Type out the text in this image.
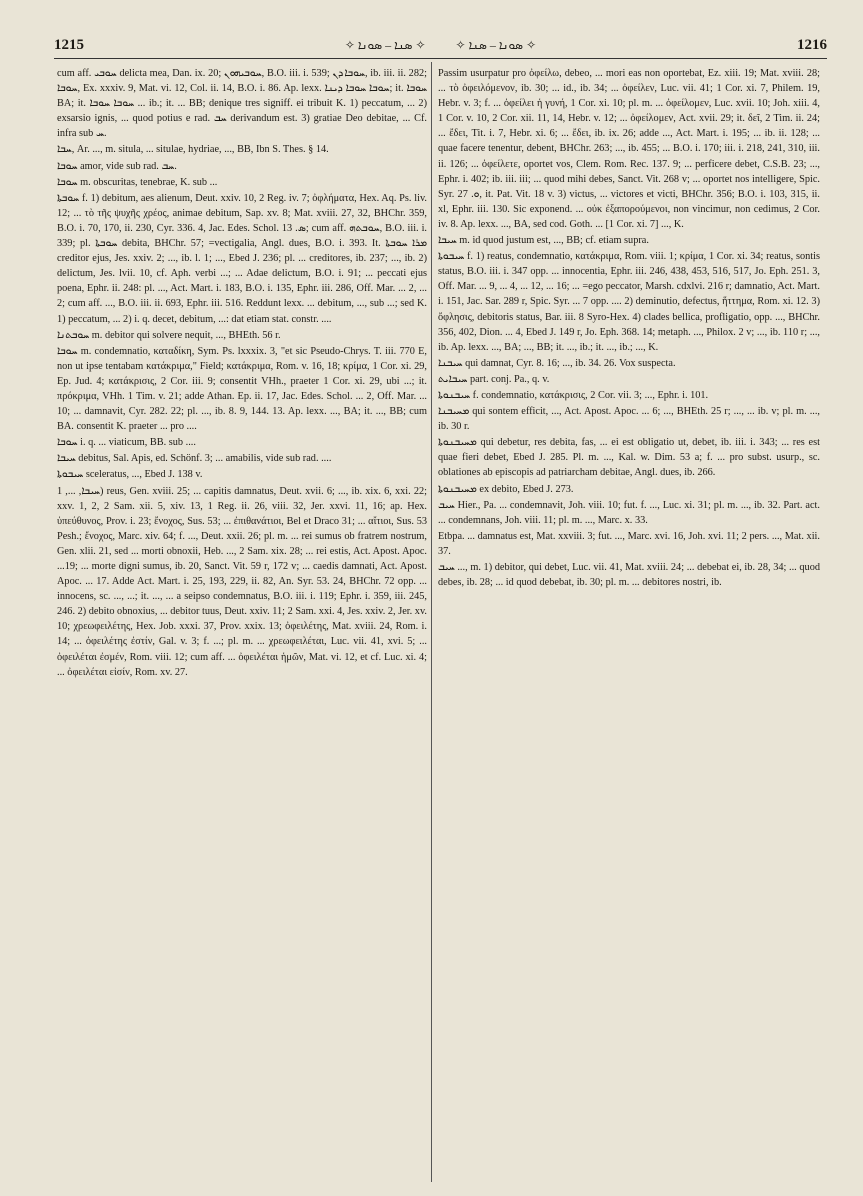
1215	✧ ܣܢܐ – ܣܘܢܐ ✧	✧ ܣܘܢܐ – ܣܢܐ ✧	1216

cum aff. ܚܘܒܝ delicta mea, Dan. ix. 20; ܚܘܒܝܗܘܢ, B.O. iii. i. 539; ܚܘܒܐ ܕܢ, ib. iii. ii. 282; ܚܘܒܐ, Ex. xxxiv. 9, Mat. vi. 12, Col. ii. 14, B.O. i. 86. Ap. lexx. ܚܘܒܐ ܚܘܒܐ ܕܝܢܐ; it. ܚܘܒܐ BA; it. ܚܘܒܐ ܚܘܒܐ ... ib.; it. ... BB; denique tres signiff. ei tribuit K. 1) peccatum, ... 2) exsarsio ignis, ... quod potius e rad. ܚܒ derivandum est. 3) gratiae Deo debitae, ... Cf. infra sub ܚ.

ܚܒܐ, Ar. ..., m. situla, ... situlae, hydriae, ..., BB, Ibn S. Thes. § 14.

ܚܘܒܐ amor, vide sub rad. ܚܒ.

ܚܘܒܐ m. obscuritas, tenebrae, K. sub ...

ܚܘܒܬܐ f. 1) debitum, aes alienum, Deut. xxiv. 10, 2 Reg. iv. 7; ὀφλήματα, Hex. Aq. Ps. liv. 12; ... τὸ τῆς ψυχῆς χρέος, animae debitum, Sap. xv. 8; Mat. xviii. 27, 32, BHChr. 359, B.O. i. 70, 170, ii. 230, Cyr. 336. 4, Jac. Edes. Schol. ܣ. 13; cum aff. ܚܘܒܬܗ, B.O. iii. i. 339; pl. ܚܘܒܬܐ debita, BHChr. 57; =vectigalia, Angl. dues, B.O. i. 393. It. ܡܪܐ ܚܘܒܬܐ creditor ejus, Jes. xxiv. 2; ..., ib. l. 1; ..., Ebed J. 236; pl. ... creditores, ib. 237; ..., ib. 2) delictum, Jes. lvii. 10, cf. Aph. verbi ...; ... Adae delictum, B.O. i. 91; ... peccati ejus poena, Ephr. ii. 248: pl. ..., Act. Mart. i. 183, B.O. i. 135, Ephr. iii. 286, Off. Mar. ... 2, ... 2; cum aff. ..., B.O. iii. ii. 693, Ephr. iii. 516. Reddunt lexx. ... debitum, ..., sub ...; sed K. 1) peccatum, ... 2) i. q. decet, debitum, ...: dat etiam stat. constr. ....

ܚܘܒܬܢܐ m. debitor qui solvere nequit, ..., BHEth. 56 r.

ܚܘܒܐ m. condemnatio, καταδίκη, Sym. Ps. lxxxix. 3, "et sic Pseudo-Chrys. T. iii. 770 E, non ut ipse tentabam κατάκριμα," Field; κατάκριμα, Rom. v. 16, 18; κρίμα, 1 Cor. xi. 29, Ep. Jud. 4; κατάκρισις, 2 Cor. iii. 9; consentit VHh., praeter 1 Cor. xi. 29, ubi ...; it. πρόκριμα, VHh. 1 Tim. v. 21; adde Athan. Ep. ii. 17, Jac. Edes. Schol. ... 2, Off. Mar. ... 10; ... damnavit, Cyr. 282. 22; pl. ..., ib. 8. 9, 144. 13. Ap. lexx. ..., BA; it. ..., BB; cum BA. consentit K. praeter ... pro ....

ܚܘܒܐ i. q. ... viaticum, BB. sub ....

ܚܝܒܐ debitus, Sal. Apis, ed. Schönf. 3; ... amabilis, vide sub rad. ....

ܚܝܒܘܬܐ sceleratus, ..., Ebed J. 138 v.

ܚܝܒܐ, ..., 1) reus, Gen. xviii. 25; ... capitis damnatus, Deut. xvii. 6; ..., ib. xix. 6, xxi. 22; xxv. 1, 2, 2 Sam. xii. 5, xiv. 13, 1 Reg. ii. 26, viii. 32, Jer. xxvi. 11, 16; ap. Hex. ὑπεύθυνος, Prov. i. 23; ἔνοχος, Sus. 53; ... ἐπιθανάτιοι, Bel et Draco 31; ... αἴτιοι, Sus. 53 Pesh.; ἔνοχος, Marc. xiv. 64; f. ..., Deut. xxii. 26; pl. m. ... rei sumus ob fratrem nostrum, Gen. xlii. 21, sed ... morti obnoxii, Heb. ..., 2 Sam. xix. 28; ... rei estis, Act. Apost. Apoc. ...19; ... morte digni sumus, ib. 20, Sanct. Vit. 59 r, 172 v; ... caedis damnati, Act. Apost. Apoc. ... 17. Adde Act. Mart. i. 25, 193, 229, ii. 82, An. Syr. 53. 24, BHChr. 72 opp. ... innocens, sc. ..., ...; it. ..., ... a seipso condemnatus, B.O. iii. i. 119; Ephr. i. 359, iii. 245, 246. 2) debito obnoxius, ... debitor tuus, Deut. xxiv. 11; 2 Sam. xxi. 4, Jes. xxiv. 2, Jer. xv. 10; χρεωφειλέτης, Hex. Job. xxxi. 37, Prov. xxix. 13; ὀφειλέτης, Mat. xviii. 24, Rom. i. 14; ... ὀφειλέτης ἐστίν, Gal. v. 3; f. ...; pl. m. ... χρεωφειλέται, Luc. vii. 41, xvi. 5; ... ὀφειλέται ἐσμέν, Rom. viii. 12; cum aff. ... ὀφειλέται ἡμῶν, Mat. vi. 12, et cf. Luc. xi. 4; ... ὀφειλέται εἰσίν, Rom. xv. 27.

Passim usurpatur pro ὀφείλω, debeo, ... mori eas non oportebat, Ez. xiii. 19; Mat. xviii. 28; ... τὸ ὀφειλόμενον, ib. 30; ... id., ib. 34; ... ὀφείλεν, Luc. vii. 41; 1 Cor. xi. 7, Philem. 19, Hebr. v. 3; f. ... ὀφείλει ἡ γυνή, 1 Cor. xi. 10; pl. m. ... ὀφείλομεν, Luc. xvii. 10; Joh. xiii. 4, 1 Cor. v. 10, 2 Cor. xii. 11, 14, Hebr. v. 12; ... ὀφείλομεν, Act. xvii. 29; it. δεῖ, 2 Tim. ii. 24; ... ἔδει, Tit. i. 7, Hebr. xi. 6; ... ἔδει, ib. ix. 26; adde ..., Act. Mart. i. 195; ... ib. ii. 128; ... quae facere tenentur, debent, BHChr. 263; ..., ib. 455; ... B.O. i. 170; iii. i. 218, 241, 310, iii. ii. 126; ... ὀφείλετε, oportet vos, Clem. Rom. Rec. 137. 9; ... perficere debet, C.S.B. 23; ..., Ephr. i. 402; ib. iii. iii; ... quod mihi debes, Sanct. Vit. 268 v; ... oportet nos intelligere, Spic. Syr. ܘ. 27, it. Pat. Vit. 18 v. 3) victus, ... victores et victi, BHChr. 356; B.O. i. 103, 315, ii. xl, Ephr. iii. 130. Sic exponend. ... οὐκ ἐξαπορούμενοι, non vincimur, non cedimus, 2 Cor. iv. 8. Ap. lexx. ..., BA, sed cod. Goth. ... [1 Cor. xi. 7] ..., K.

ܚܝܒܐ m. id quod justum est, ..., BB; cf. etiam supra.

ܚܝܒܘܬܐ f. 1) reatus, condemnatio, κατάκριμα, Rom. viii. 1; κρίμα, 1 Cor. xi. 34; reatus, sontis status, B.O. iii. i. 347 opp. ... innocentia, Ephr. iii. 246, 438, 453, 516, 517, Jo. Eph. 251. 3, Off. Mar. ... 9, ... 4, ... 12, ... 16; ... =ego peccator, Marsh. cdxlvi. 216 r; damnatio, Act. Mart. i. 151, Jac. Sar. 289 r, Spic. Syr. ... 7 opp. .... 2) deminutio, defectus, ἥττημα, Rom. xi. 12. 3) ὄφλησις, debitoris status, Bar. iii. 8 Syro-Hex. 4) clades bellica, profligatio, opp. ..., BHChr. 356, 402, Dion. ... 4, Ebed J. 149 r, Jo. Eph. 368. 14; metaph. ..., Philox. 2 v; ..., ib. 110 r; ..., ib. Ap. lexx. ..., BA; ..., BB; it. ..., ib.; it. ..., ib.; ..., K.

ܚܝܒܢܐ qui damnat, Cyr. 8. 16; ..., ib. 34. 26. Vox suspecta.

ܚܝܒܐܝܬ part. conj. Pa., q. v.

ܚܝܒܢܘܬܐ f. condemnatio, κατάκρισις, 2 Cor. vii. 3; ..., Ephr. i. 101.

ܡܚܝܒܢܐ qui sontem efficit, ..., Act. Apost. Apoc. ... 6; ..., BHEth. 25 r; ..., ... ib. v; pl. m. ..., ib. 30 r.

ܡܚܝܒܢܘܬܐ qui debetur, res debita, fas, ... ei est obligatio ut, debet, ib. iii. i. 343; ... res est quae fieri debet, Ebed J. 285. Pl. m. ..., Kal. w. Dim. 53 a; f. ... pro subst. usurp., sc. oblationes ab episcopis ad patriarcham debitae, Angl. dues, ib. 266.

ܡܚܝܒܢܘܬܐ ex debito, Ebed J. 273.

ܚܝܒ Hier., Pa. ... condemnavit, Joh. viii. 10; fut. f. ..., Luc. xi. 31; pl. m. ..., ib. 32. Part. act. ... condemnans, Joh. viii. 11; pl. m. ..., Marc. x. 33.

Etbpa. ... damnatus est, Mat. xxviii. 3; fut. ..., Marc. xvi. 16, Joh. xvi. 11; 2 pers. ..., Mat. xii. 37.

ܚܝܒ ..., m. 1) debitor, qui debet, Luc. vii. 41, Mat. xviii. 24; ... debebat ei, ib. 28, 34; ... quod debes, ib. 28; ... id quod debebat, ib. 30; pl. m. ... debitores nostri, ib.
